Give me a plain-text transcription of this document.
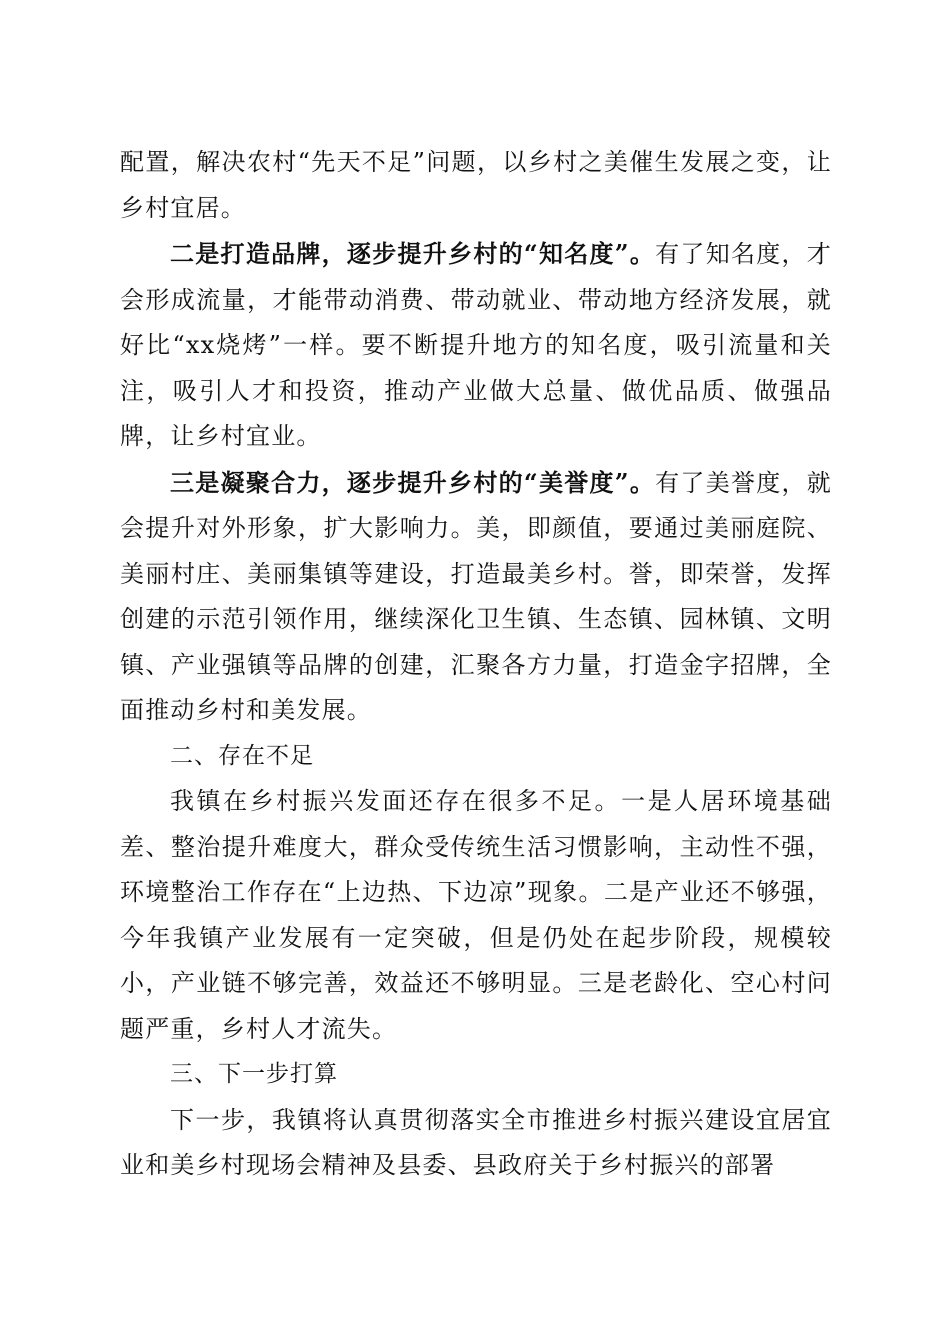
配置，解决农村“先天不足”问题，以乡村之美催生发展之变，让乡村宜居。

二是打造品牌，逐步提升乡村的“知名度”。有了知名度，才会形成流量，才能带动消费、带动就业、带动地方经济发展，就好比“xx烧烤”一样。要不断提升地方的知名度，吸引流量和关注，吸引人才和投资，推动产业做大总量、做优品质、做强品牌，让乡村宜业。

三是凝聚合力，逐步提升乡村的“美誉度”。有了美誉度，就会提升对外形象，扩大影响力。美，即颜值，要通过美丽庭院、美丽村庄、美丽集镇等建设，打造最美乡村。誉，即荣誉，发挥创建的示范引领作用，继续深化卫生镇、生态镇、园林镇、文明镇、产业强镇等品牌的创建，汇聚各方力量，打造金字招牌，全面推动乡村和美发展。

二、存在不足

我镇在乡村振兴发面还存在很多不足。一是人居环境基础差、整治提升难度大，群众受传统生活习惯影响，主动性不强，环境整治工作存在“上边热、下边凉”现象。二是产业还不够强，今年我镇产业发展有一定突破，但是仍处在起步阶段，规模较小，产业链不够完善，效益还不够明显。三是老龄化、空心村问题严重，乡村人才流失。

三、下一步打算

下一步，我镇将认真贯彻落实全市推进乡村振兴建设宜居宜业和美乡村现场会精神及县委、县政府关于乡村振兴的部署
